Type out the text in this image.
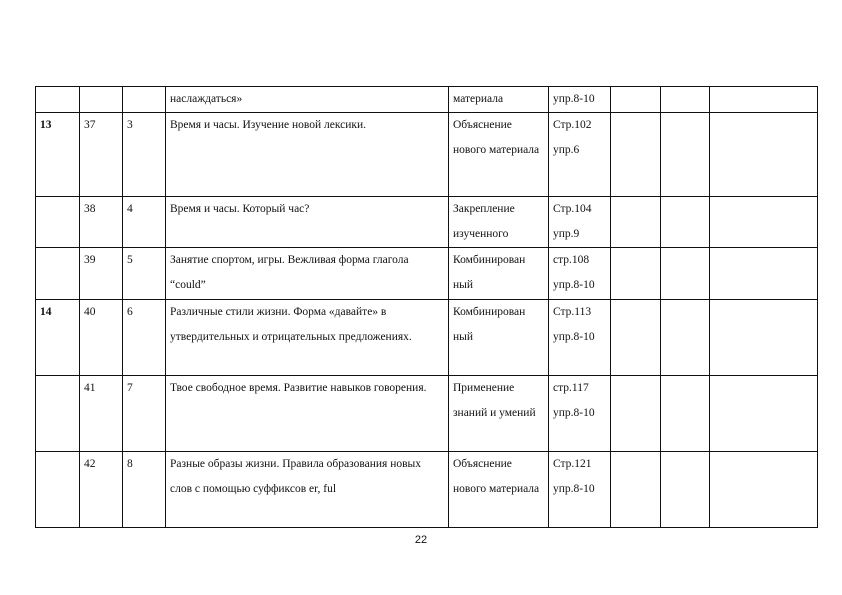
			наслаждаться»	материала	упр.8-10			
13	37	3	Время и часы. Изучение новой лексики.	Объяснение нового материала	Стр.102 упр.6			
	38	4	Время и часы. Который час?	Закрепление изученного	Стр.104 упр.9			
	39	5	Занятие спортом, игры. Вежливая форма глагола “could”	Комбинирован ный	стр.108 упр.8-10			
14	40	6	Различные стили жизни. Форма «давайте» в утвердительных и отрицательных предложениях.	Комбинирован ный	Стр.113 упр.8-10			
	41	7	Твое свободное время. Развитие навыков говорения.	Применение знаний и умений	стр.117 упр.8-10			
	42	8	Разные образы жизни. Правила образования новых слов с помощью суффиксов er, ful	Объяснение нового материала	Стр.121 упр.8-10			
22
